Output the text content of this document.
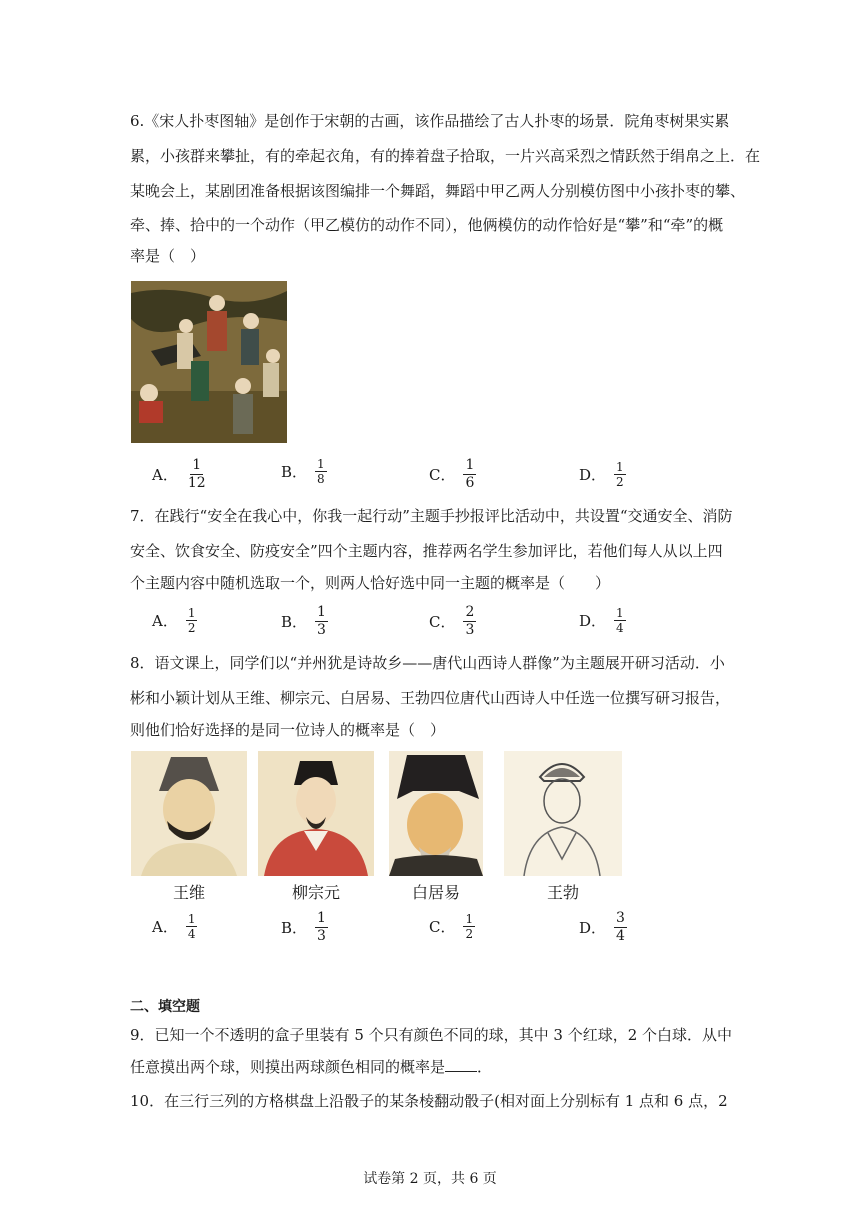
6.《宋人扑枣图轴》是创作于宋朝的古画，该作品描绘了古人扑枣的场景．院角枣树果实累
累，小孩群来攀扯，有的牵起衣角，有的捧着盘子拾取，一片兴高采烈之情跃然于绢帛之上．在
某晚会上，某剧团准备根据该图编排一个舞蹈，舞蹈中甲乙两人分别模仿图中小孩扑枣的攀、
牵、捧、拾中的一个动作（甲乙模仿的动作不同），他俩模仿的动作恰好是“攀”和“牵”的概
率是（　）
A． $\frac{1}{12}$	B． $\frac{1}{8}$	C． $\frac{1}{6}$	D． $\frac{1}{2}$
7．在践行“安全在我心中，你我一起行动”主题手抄报评比活动中，共设置“交通安全、消防
安全、饮食安全、防疫安全”四个主题内容，推荐两名学生参加评比，若他们每人从以上四
个主题内容中随机选取一个，则两人恰好选中同一主题的概率是（　　）
A． $\frac{1}{2}$	B． $\frac{1}{3}$	C． $\frac{2}{3}$	D． $\frac{1}{4}$
8．语文课上，同学们以“并州犹是诗故乡——唐代山西诗人群像”为主题展开研习活动．小
彬和小颖计划从王维、柳宗元、白居易、王勃四位唐代山西诗人中任选一位撰写研习报告，
则他们恰好选择的是同一位诗人的概率是（　）
王维	柳宗元	白居易	王勃
A． $\frac{1}{4}$	B． $\frac{1}{3}$	C． $\frac{1}{2}$	D． $\frac{3}{4}$
二、填空题
9．已知一个不透明的盒子里装有 5 个只有颜色不同的球，其中 3 个红球，2 个白球．从中
任意摸出两个球，则摸出两球颜色相同的概率是 ．
10．在三行三列的方格棋盘上沿骰子的某条棱翻动骰子(相对面上分别标有 1 点和 6 点，2
试卷第 2 页，共 6 页
